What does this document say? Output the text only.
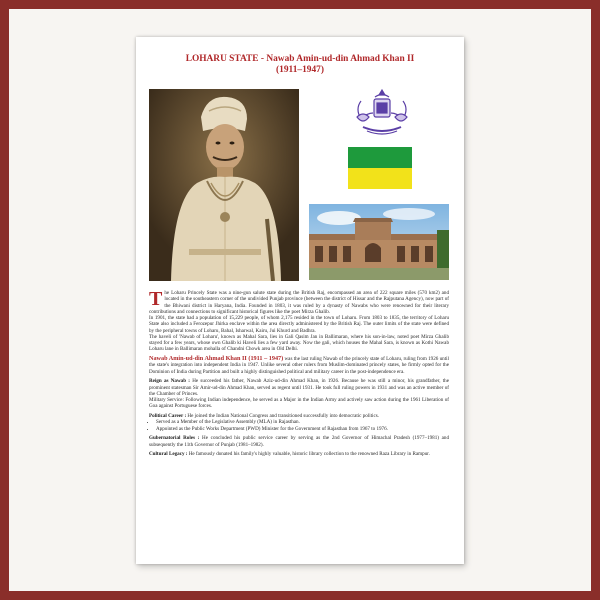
LOHARU STATE - Nawab Amin-ud-din Ahmad Khan II
(1911–1947)

The Loharu Princely State was a nine-gun salute state during the British Raj, encompassed an area of 222 square miles (570 km2) and located in the southeastern corner of the undivided Punjab province (between the district of Hissar and the Rajputana Agency), now part of the Bhiwani district in Haryana, India. Founded in 1803, it was ruled by a dynasty of Nawabs who were renowned for their literary contributions and connections to significant historical figures like the poet Mirza Ghalib.
In 1901, the state had a population of 15,229 people, of whom 2,175 resided in the town of Loharu. From 1803 to 1835, the territory of Loharu State also included a Ferozepur Jhirka enclave within the area directly administered by the British Raj. The outer limits of the state were defined by the peripheral towns of Loharu, Bahal, Isharwal, Kairu, Jui Khurd and Badhra.
The haveli of 'Nawab of Loharu', known as Mahal Sara, lies in Gali Qasim Jan in Ballimaran, where his son-in-law, noted poet Mirza Ghalib stayed for a few years, whose own Ghalib ki Haveli lies a few yard away. Now the gali, which houses the Mahal Sara, is known as Kothi Nawab Loharu lane in Ballimaran mohalla of Chandni Chowk area in Old Delhi.

Nawab Amin-ud-din Ahmad Khan II (1911 – 1947) was the last ruling Nawab of the princely state of Loharu, ruling from 1926 until the state's integration into independent India in 1947. Unlike several other rulers from Muslim-dominated princely states, he firmly opted for the Dominion of India during Partition and built a highly distinguished political and military career in the post-independence era.

Reign as Nawab : He succeeded his father, Nawab Aziz-ud-din Ahmad Khan, in 1926. Because he was still a minor, his grandfather, the prominent statesman Sir Amir-ud-din Ahmad Khan, served as regent until 1931. He took full ruling powers in 1931 and was an active member of the Chamber of Princes.

Military Service: Following Indian independence, he served as a Major in the Indian Army and actively saw action during the 1961 Liberation of Goa against Portuguese forces.

Political Career : He joined the Indian National Congress and transitioned successfully into democratic politics.

• Served as a Member of the Legislative Assembly (MLA) in Rajasthan.
• Appointed as the Public Works Department (PWD) Minister for the Government of Rajasthan from 1967 to 1976.

Gubernatorial Roles : He concluded his public service career by serving as the 2nd Governor of Himachal Pradesh (1977–1981) and subsequently the 11th Governor of Punjab (1981–1982).

Cultural Legacy : He famously donated his family's highly valuable, historic library collection to the renowned Raza Library in Rampur.
